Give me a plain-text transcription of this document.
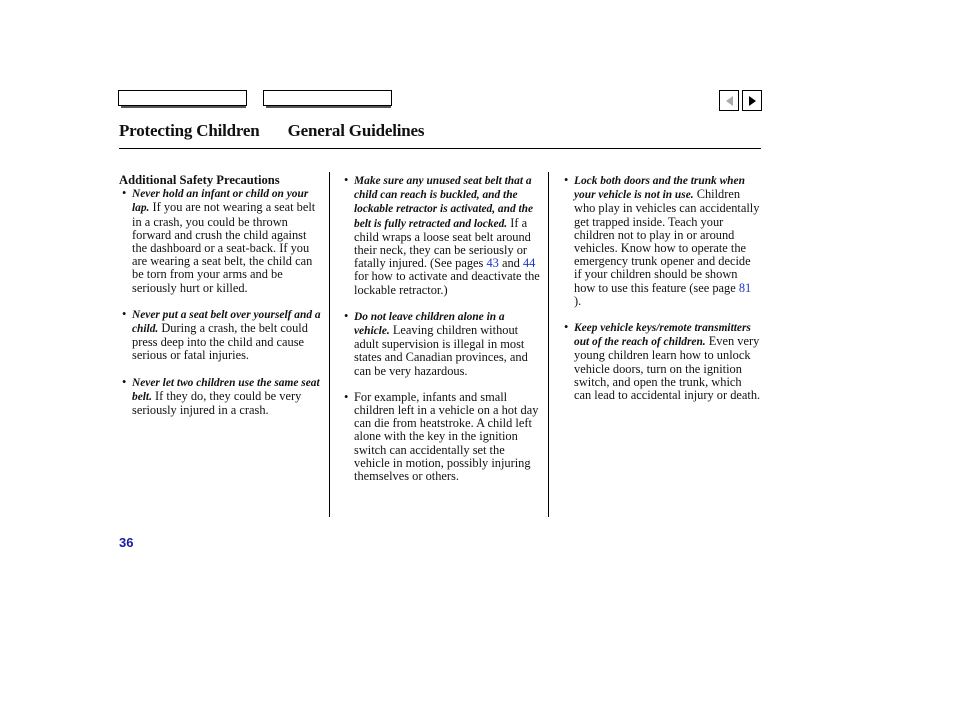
Protecting Children General Guidelines
Additional Safety Precautions
• Never hold an infant or child on your lap. If you are not wearing a seat belt in a crash, you could be thrown forward and crush the child against the dashboard or a seat-back. If you are wearing a seat belt, the child can be torn from your arms and be seriously hurt or killed.
• Never put a seat belt over yourself and a child. During a crash, the belt could press deep into the child and cause serious or fatal injuries.
• Never let two children use the same seat belt. If they do, they could be very seriously injured in a crash.
• Make sure any unused seat belt that a child can reach is buckled, and the lockable retractor is activated, and the belt is fully retracted and locked. If a child wraps a loose seat belt around their neck, they can be seriously or fatally injured. (See pages 43 and 44 for how to activate and deactivate the lockable retractor.)
• Do not leave children alone in a vehicle. Leaving children without adult supervision is illegal in most states and Canadian provinces, and can be very hazardous.
• For example, infants and small children left in a vehicle on a hot day can die from heatstroke. A child left alone with the key in the ignition switch can accidentally set the vehicle in motion, possibly injuring themselves or others.
• Lock both doors and the trunk when your vehicle is not in use. Children who play in vehicles can accidentally get trapped inside. Teach your children not to play in or around vehicles. Know how to operate the emergency trunk opener and decide if your children should be shown how to use this feature (see page 81 ).
• Keep vehicle keys/remote transmitters out of the reach of children. Even very young children learn how to unlock vehicle doors, turn on the ignition switch, and open the trunk, which can lead to accidental injury or death.
36
